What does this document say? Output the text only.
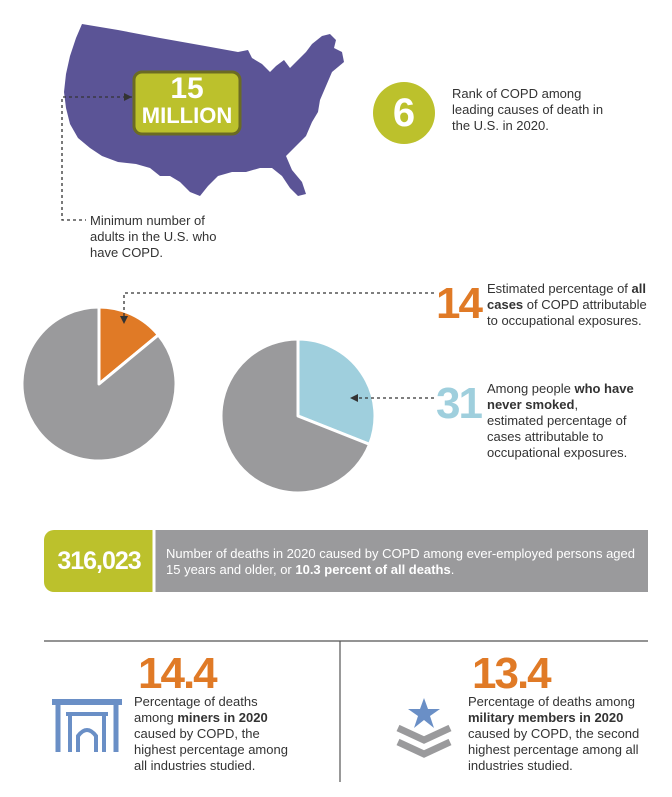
15
MILLION
Minimum number of adults in the U.S. who have COPD.
6	Rank of COPD among leading causes of death in the U.S. in 2020.
14 Estimated percentage of all cases of COPD attributable to occupational exposures.
31 Among people who have never smoked, estimated percentage of cases attributable to occupational exposures.
316,023	Number of deaths in 2020 caused by COPD among ever-employed persons aged 15 years and older, or 10.3 percent of all deaths.
14.4
Percentage of deaths among miners in 2020 caused by COPD, the highest percentage among all industries studied.
13.4
Percentage of deaths among military members in 2020 caused by COPD, the second highest percentage among all industries studied.
